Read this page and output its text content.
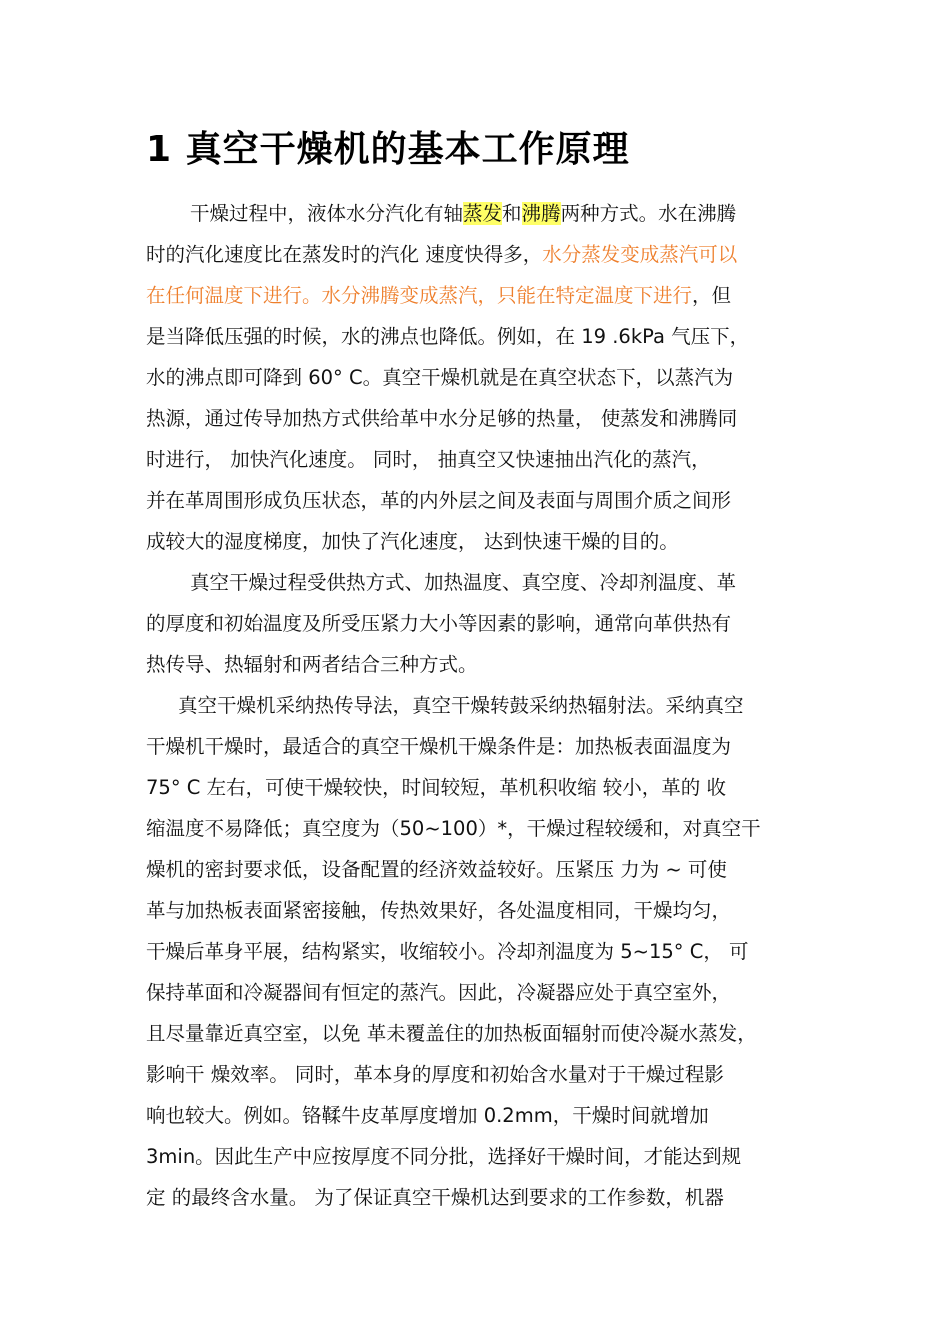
1 真空干燥机的基本工作原理
干燥过程中，液体水分汽化有轴蒸发和沸腾两种方式。水在沸腾
时的汽化速度比在蒸发时的汽化 速度快得多，水分蒸发变成蒸汽可以
在任何温度下进行。水分沸腾变成蒸汽，只能在特定温度下进行，但
是当降低压强的时候，水的沸点也降低。例如，在 19 .6kPa 气压下，
水的沸点即可降到 60° C。真空干燥机就是在真空状态下，以蒸汽为
热源，通过传导加热方式供给革中水分足够的热量， 使蒸发和沸腾同
时进行， 加快汽化速度。 同时， 抽真空又快速抽出汽化的蒸汽，
并在革周围形成负压状态，革的内外层之间及表面与周围介质之间形
成较大的湿度梯度，加快了汽化速度， 达到快速干燥的目的。
真空干燥过程受供热方式、加热温度、真空度、冷却剂温度、革
的厚度和初始温度及所受压紧力大小等因素的影响，通常向革供热有
热传导、热辐射和两者结合三种方式。
真空干燥机采纳热传导法，真空干燥转鼓采纳热辐射法。采纳真空
干燥机干燥时，最适合的真空干燥机干燥条件是：加热板表面温度为
75° C 左右，可使干燥较快，时间较短，革机积收缩 较小，革的 收
缩温度不易降低；真空度为（50~100）*，干燥过程较缓和，对真空干
燥机的密封要求低，设备配置的经济效益较好。压紧压 力为 ~ 可使
革与加热板表面紧密接触，传热效果好，各处温度相同，干燥均匀，
干燥后革身平展，结构紧实，收缩较小。冷却剂温度为 5~15° C， 可
保持革面和冷凝器间有恒定的蒸汽。因此，冷凝器应处于真空室外，
且尽量靠近真空室，以免 革未覆盖住的加热板面辐射而使冷凝水蒸发，
影响干 燥效率。 同时，革本身的厚度和初始含水量对于干燥过程影
响也较大。例如。铬鞣牛皮革厚度增加 0.2mm，干燥时间就增加
3min。因此生产中应按厚度不同分批，选择好干燥时间，才能达到规
定 的最终含水量。 为了保证真空干燥机达到要求的工作参数，机器
